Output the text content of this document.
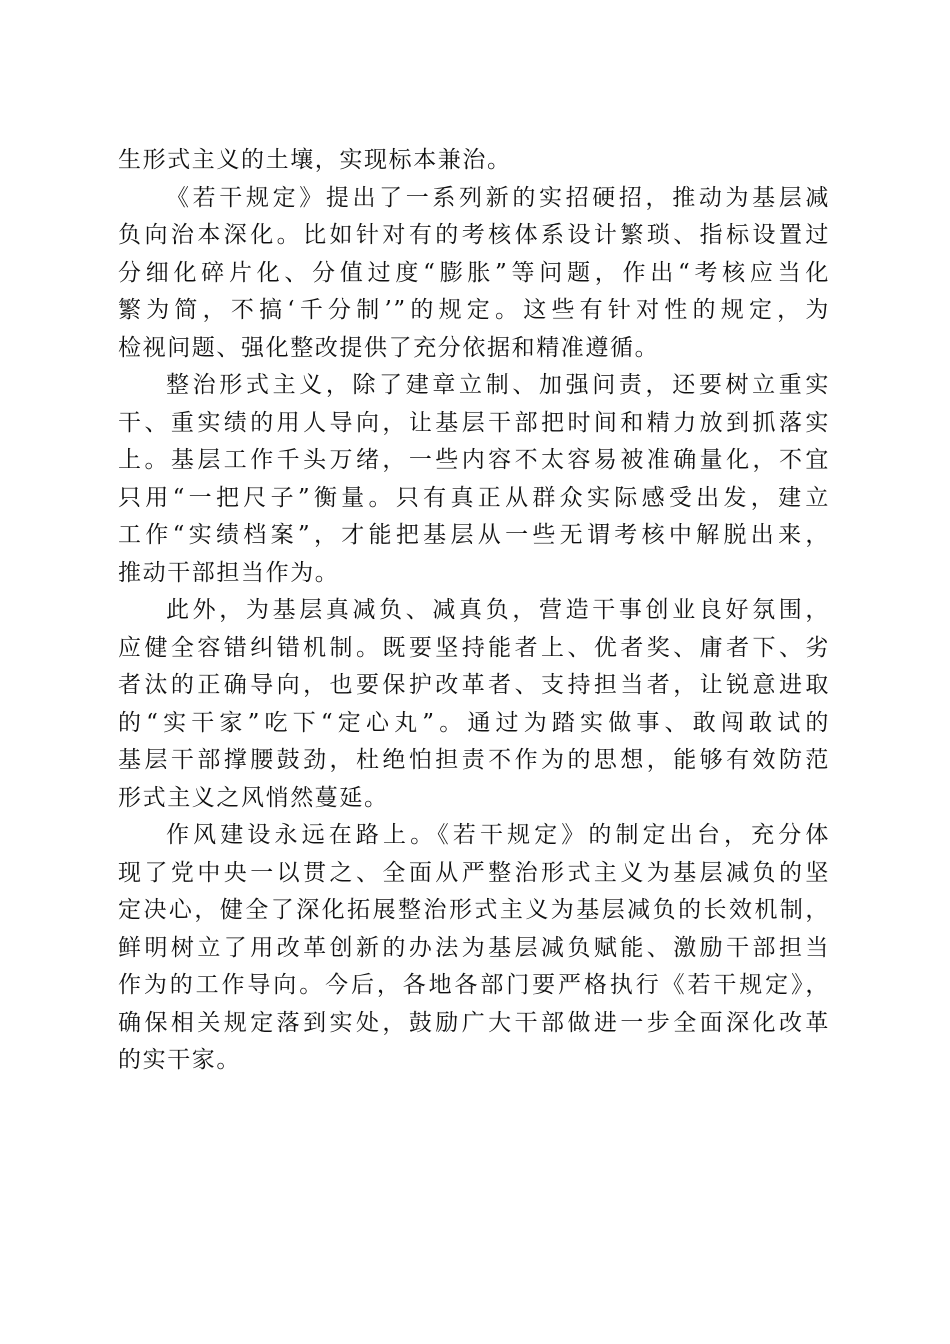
生形式主义的土壤，实现标本兼治。
《若干规定》提出了一系列新的实招硬招，推动为基层减
负向治本深化。比如针对有的考核体系设计繁琐、指标设置过
分细化碎片化、分值过度“膨胀”等问题，作出“考核应当化
繁为简，不搞‘千分制’”的规定。这些有针对性的规定，为
检视问题、强化整改提供了充分依据和精准遵循。
整治形式主义，除了建章立制、加强问责，还要树立重实
干、重实绩的用人导向，让基层干部把时间和精力放到抓落实
上。基层工作千头万绪，一些内容不太容易被准确量化，不宜
只用“一把尺子”衡量。只有真正从群众实际感受出发，建立
工作“实绩档案”，才能把基层从一些无谓考核中解脱出来，
推动干部担当作为。
此外，为基层真减负、减真负，营造干事创业良好氛围，
应健全容错纠错机制。既要坚持能者上、优者奖、庸者下、劣
者汰的正确导向，也要保护改革者、支持担当者，让锐意进取
的“实干家”吃下“定心丸”。通过为踏实做事、敢闯敢试的
基层干部撑腰鼓劲，杜绝怕担责不作为的思想，能够有效防范
形式主义之风悄然蔓延。
作风建设永远在路上。《若干规定》的制定出台，充分体
现了党中央一以贯之、全面从严整治形式主义为基层减负的坚
定决心，健全了深化拓展整治形式主义为基层减负的长效机制，
鲜明树立了用改革创新的办法为基层减负赋能、激励干部担当
作为的工作导向。今后，各地各部门要严格执行《若干规定》，
确保相关规定落到实处，鼓励广大干部做进一步全面深化改革
的实干家。
